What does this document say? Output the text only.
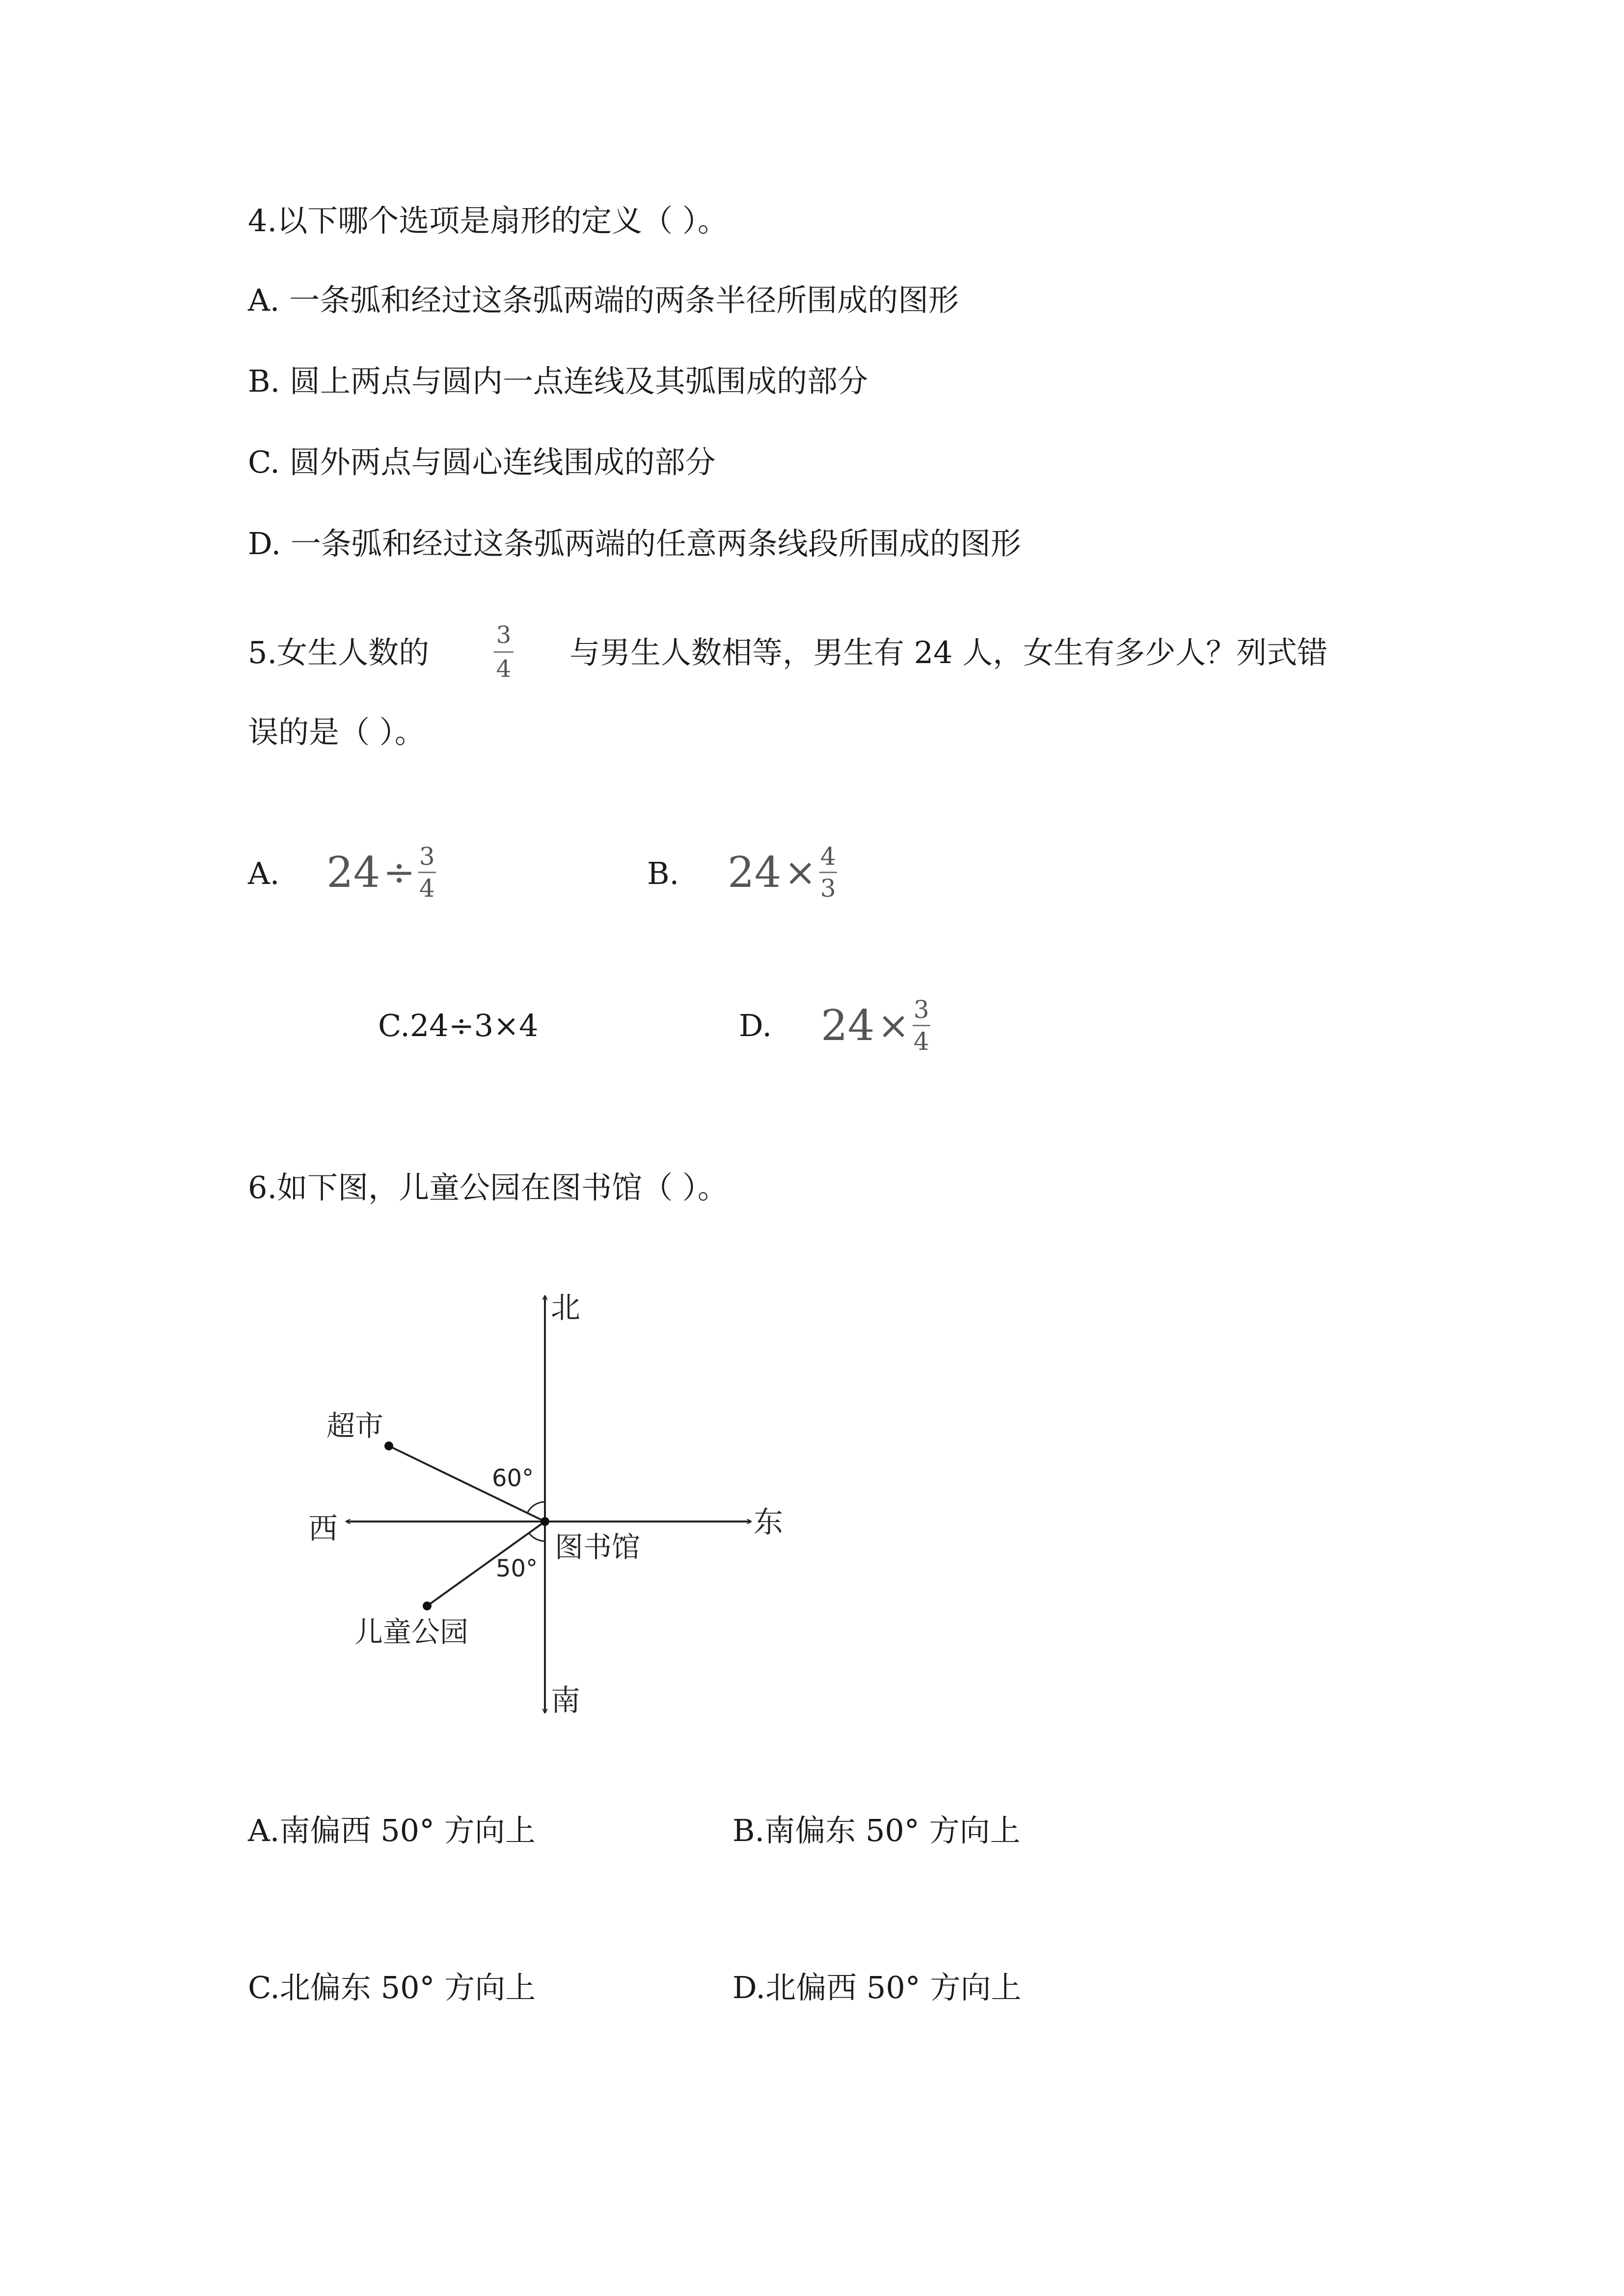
4.以下哪个选项是扇形的定义（ ）。
A. 一条弧和经过这条弧两端的两条半径所围成的图形
B. 圆上两点与圆内一点连线及其弧围成的部分
C. 圆外两点与圆心连线围成的部分
D. 一条弧和经过这条弧两端的任意两条线段所围成的图形
5.女生人数的	3
4 与男生人数相等，男生有 24 人，女生有多少人？列式错
误的是（ ）。
A. $24 \div \frac{3}{4}$	B. $24 \times \frac{4}{3}$
C.24÷3×4	D. $24 \times \frac{3}{4}$
6.如下图，儿童公园在图书馆（ ）。
北
南
东
西
图书馆
超市
儿童公园
60°
50°
A.南偏西 50° 方向上	B.南偏东 50° 方向上
C.北偏东 50° 方向上	D.北偏西 50° 方向上
